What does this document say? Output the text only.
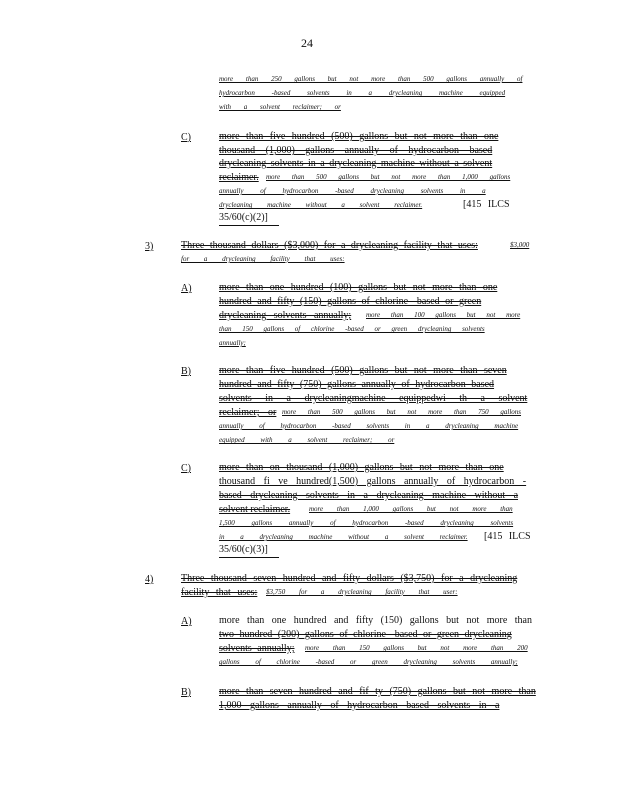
24
more than 250 gallons but not more than 500 gallons annually of
hydrocarbon -based solvents in a drycleaning machine equipped
with a solvent reclaimer; or
C)	more than five hundred (500) gallons but not more than one
thousand (1,000) gallons annually of hydrocarbon based
drycleaning solvents in a drycleaning machine without a solvent
reclaimer. more than 500 gallons but not more than 1,000 gallons
annually of hydrocarbon -based drycleaning solvents in a
drycleaning machine without a solvent reclaimer.	[415 ILCS
35/60(c)(2)]
3)	Three thousand dollars ($3,000) for a drycleaning facility that uses:	$3,000
for a drycleaning facility that uses:
A)	more than one hundred (100) gallons but not more than one
hundred and fifty (150) gallons of chlorine -based or green
drycleaning solvents annually; more than 100 gallons but not more
than 150 gallons of chlorine -based or green drycleaning solvents
annually;
B)	more than five hundred (500) gallons but not more than seven
hundred and fifty (750) gallons annually of hydrocarbon based
solvents in a drycleaningmachine equippedwi th a solvent
reclaimer; or more than 500 gallons but not more than 750 gallons
annually of hydrocarbon -based solvents in a drycleaning machine
equipped with a solvent reclaimer; or
C)	more than on thousand (1,000) gallons but not more than one
thousand fi ve hundred(1,500) gallons annually of hydrocarbon -
based drycleaning solvents in a drycleaning machine without a
solvent reclaimer.	more than 1,000 gallons but not more than
1,500 gallons annually of hydrocarbon -based drycleaning solvents
in a drycleaning machine without a solvent reclaimer. [415 ILCS
35/60(c)(3)]
4)	Three thousand seven hundred and fifty dollars ($3,750) for a drycleaning
facility that uses: $3,750 for a drycleaning facility that user:
A)	more than one hundred and fifty (150) gallons but not more than
two hundred (200) gallons of chlorine -based or green drycleaning
solvents annually; more than 150 gallons but not more than 200
gallons of chlorine -based or green drycleaning solvents annually;
B)	more than seven hundred and fif ty (750) gallons but not more than
1,000 gallons annually of hydrocarbon based solvents in a
